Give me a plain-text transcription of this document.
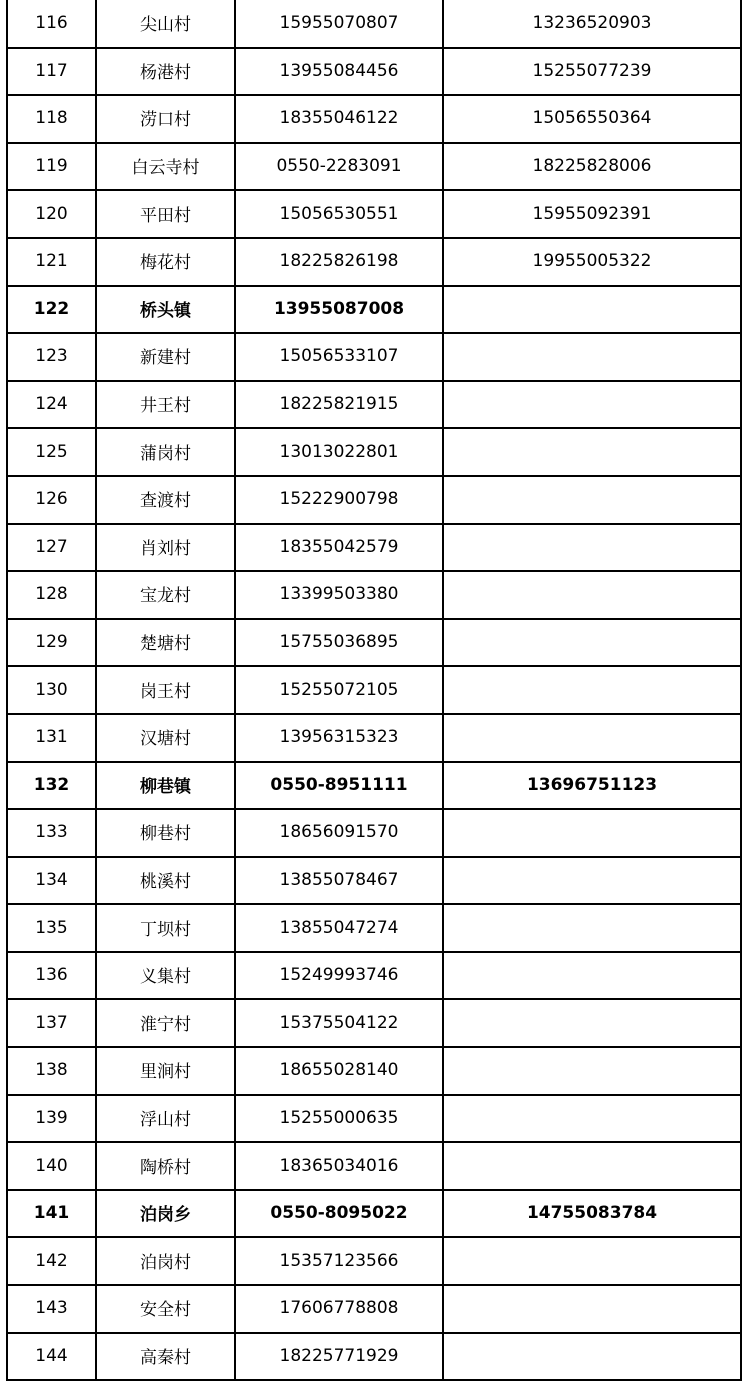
116	尖山村	15955070807	13236520903
117	杨港村	13955084456	15255077239
118	涝口村	18355046122	15056550364
119	白云寺村	0550-2283091	18225828006
120	平田村	15056530551	15955092391
121	梅花村	18225826198	19955005322
122	桥头镇	13955087008	
123	新建村	15056533107	
124	井王村	18225821915	
125	蒲岗村	13013022801	
126	查渡村	15222900798	
127	肖刘村	18355042579	
128	宝龙村	13399503380	
129	楚塘村	15755036895	
130	岗王村	15255072105	
131	汉塘村	13956315323	
132	柳巷镇	0550-8951111	13696751123
133	柳巷村	18656091570	
134	桃溪村	13855078467	
135	丁坝村	13855047274	
136	义集村	15249993746	
137	淮宁村	15375504122	
138	里涧村	18655028140	
139	浮山村	15255000635	
140	陶桥村	18365034016	
141	泊岗乡	0550-8095022	14755083784
142	泊岗村	15357123566	
143	安全村	17606778808	
144	高秦村	18225771929	
